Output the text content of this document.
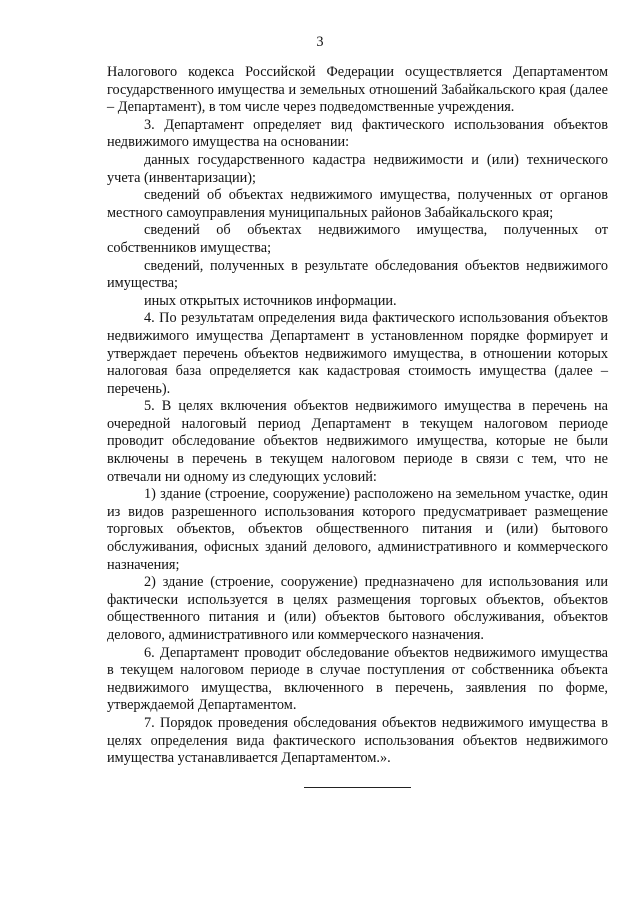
3

Налогового кодекса Российской Федерации осуществляется Департаментом государственного имущества и земельных отношений Забайкальского края (далее – Департамент), в том числе через подведомственные учреждения.

3. Департамент определяет вид фактического использования объектов недвижимого имущества на основании:

данных государственного кадастра недвижимости и (или) технического учета (инвентаризации);

сведений об объектах недвижимого имущества, полученных от органов местного самоуправления муниципальных районов Забайкальского края;

сведений об объектах недвижимого имущества, полученных от собственников имущества;

сведений, полученных в результате обследования объектов недвижимого имущества;

иных открытых источников информации.

4. По результатам определения вида фактического использования объектов недвижимого имущества Департамент в установленном порядке формирует и утверждает перечень объектов недвижимого имущества, в отношении которых налоговая база определяется как кадастровая стоимость имущества (далее – перечень).

5. В целях включения объектов недвижимого имущества в перечень на очередной налоговый период Департамент в текущем налоговом периоде проводит обследование объектов недвижимого имущества, которые не были включены в перечень в текущем налоговом периоде в связи с тем, что не отвечали ни одному из следующих условий:

1) здание (строение, сооружение) расположено на земельном участке, один из видов разрешенного использования которого предусматривает размещение торговых объектов, объектов общественного питания и (или) бытового обслуживания, офисных зданий делового, административного и коммерческого назначения;

2) здание (строение, сооружение) предназначено для использования или фактически используется в целях размещения торговых объектов, объектов общественного питания и (или) объектов бытового обслуживания, объектов делового, административного или коммерческого назначения.

6. Департамент проводит обследование объектов недвижимого имущества в текущем налоговом периоде в случае поступления от собственника объекта недвижимого имущества, включенного в перечень, заявления по форме, утверждаемой Департаментом.

7. Порядок проведения обследования объектов недвижимого имущества в целях определения вида фактического использования объектов недвижимого имущества устанавливается Департаментом.».
